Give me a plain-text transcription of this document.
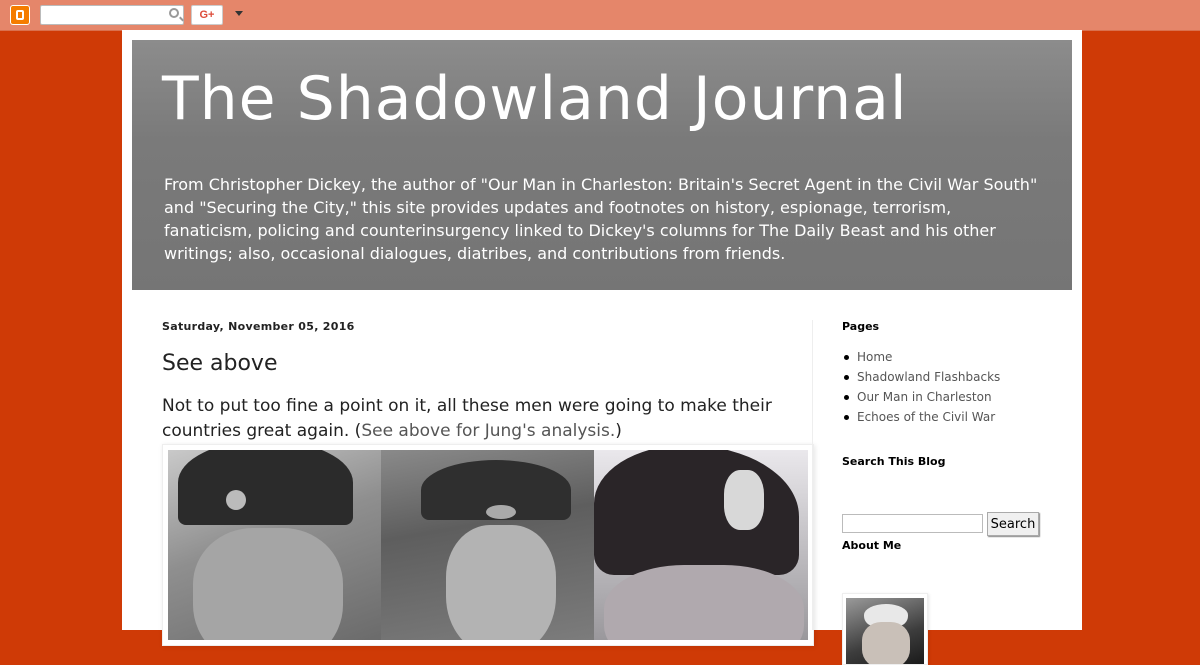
G+
The Shadowland Journal

From Christopher Dickey, the author of "Our Man in Charleston: Britain's Secret Agent in the Civil War South" and "Securing the City," this site provides updates and footnotes on history, espionage, terrorism, fanaticism, policing and counterinsurgency linked to Dickey's columns for The Daily Beast and his other writings; also, occasional dialogues, diatribes, and contributions from friends.

Saturday, November 05, 2016
See above
Not to put too fine a point on it, all these men were going to make their countries great again. (See above for Jung's analysis.)
Pages
Home
Shadowland Flashbacks
Our Man in Charleston
Echoes of the Civil War
Search This Blog
Search
About Me
